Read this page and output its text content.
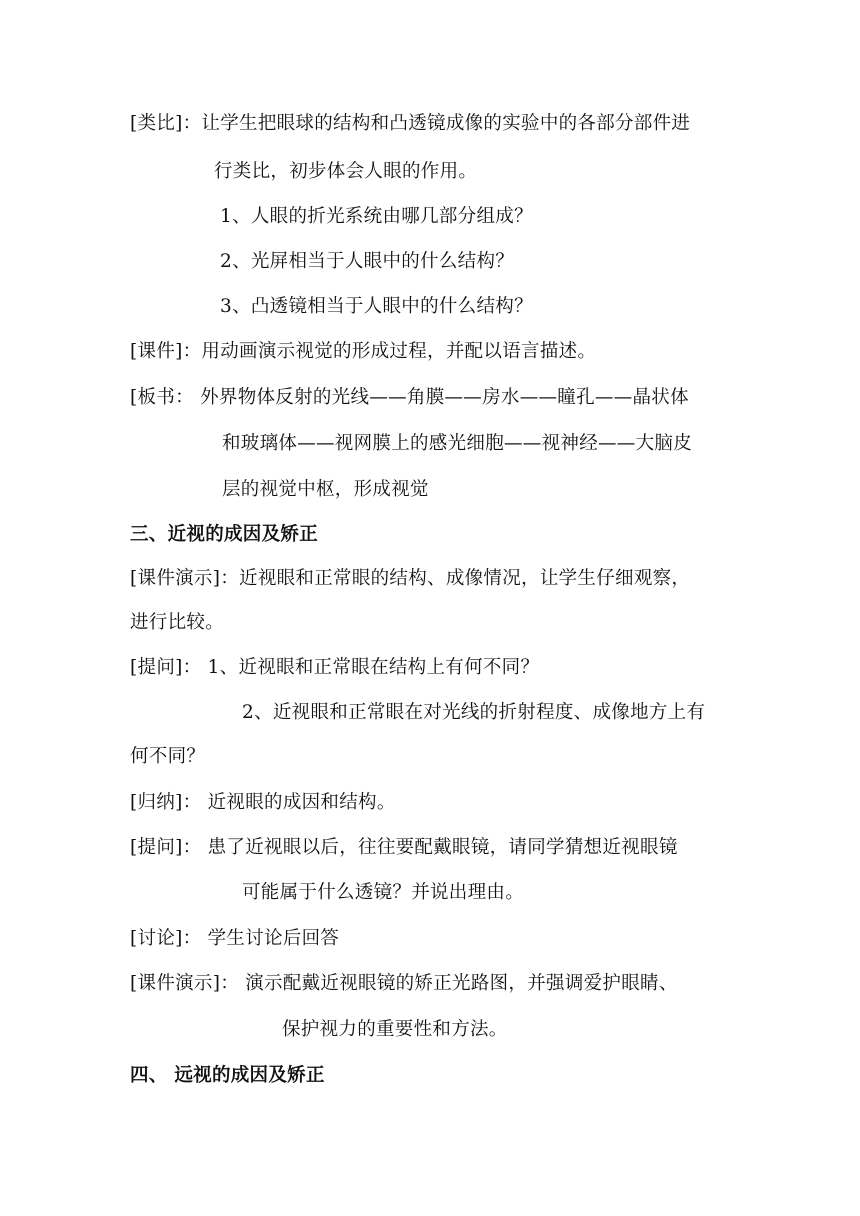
[类比]：让学生把眼球的结构和凸透镜成像的实验中的各部分部件进
行类比，初步体会人眼的作用。
1、人眼的折光系统由哪几部分组成？
2、光屏相当于人眼中的什么结构？
3、凸透镜相当于人眼中的什么结构？
[课件]：用动画演示视觉的形成过程，并配以语言描述。
[板书： 外界物体反射的光线——角膜——房水——瞳孔——晶状体
和玻璃体——视网膜上的感光细胞——视神经——大脑皮
层的视觉中枢，形成视觉
三、近视的成因及矫正
[课件演示]：近视眼和正常眼的结构、成像情况，让学生仔细观察，
进行比较。
[提问]： 1、近视眼和正常眼在结构上有何不同？
2、近视眼和正常眼在对光线的折射程度、成像地方上有
何不同？
[归纳]： 近视眼的成因和结构。
[提问]： 患了近视眼以后，往往要配戴眼镜，请同学猜想近视眼镜
可能属于什么透镜？并说出理由。
[讨论]： 学生讨论后回答
[课件演示]： 演示配戴近视眼镜的矫正光路图，并强调爱护眼睛、
保护视力的重要性和方法。
四、 远视的成因及矫正
